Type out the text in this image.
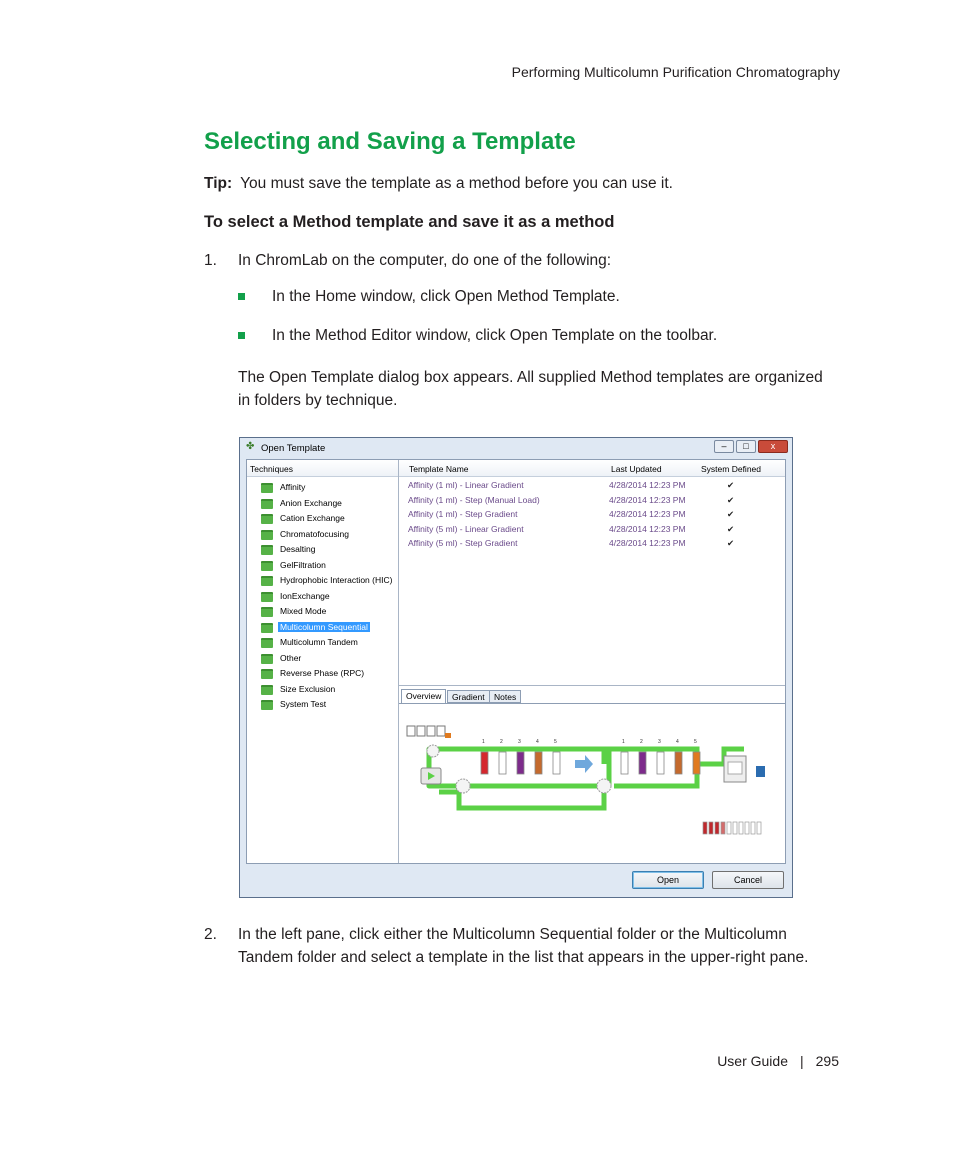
Performing Multicolumn Purification Chromatography
Selecting and Saving a Template
Tip: You must save the template as a method before you can use it.
To select a Method template and save it as a method
1.	In ChromLab on the computer, do one of the following:
In the Home window, click Open Method Template.
In the Method Editor window, click Open Template on the toolbar.
The Open Template dialog box appears. All supplied Method templates are organized in folders by technique.
✤ Open Template	–	□	x
Techniques
Affinity
Anion Exchange
Cation Exchange
Chromatofocusing
Desalting
GelFiltration
Hydrophobic Interaction (HIC)
IonExchange
Mixed Mode
Multicolumn Sequential
Multicolumn Tandem
Other
Reverse Phase (RPC)
Size Exclusion
System Test
Template Name	Last Updated	System Defined
Affinity (1 ml) - Linear Gradient	4/28/2014 12:23 PM	✔
Affinity (1 ml) - Step (Manual Load)	4/28/2014 12:23 PM	✔
Affinity (1 ml) - Step Gradient	4/28/2014 12:23 PM	✔
Affinity (5 ml) - Linear Gradient	4/28/2014 12:23 PM	✔
Affinity (5 ml) - Step Gradient	4/28/2014 12:23 PM	✔
Overview	Gradient	Notes
1	2	3	4	5	1	2	3	4	5
Open	Cancel
2.	In the left pane, click either the Multicolumn Sequential folder or the Multicolumn Tandem folder and select a template in the list that appears in the upper-right pane.
User Guide | 295
